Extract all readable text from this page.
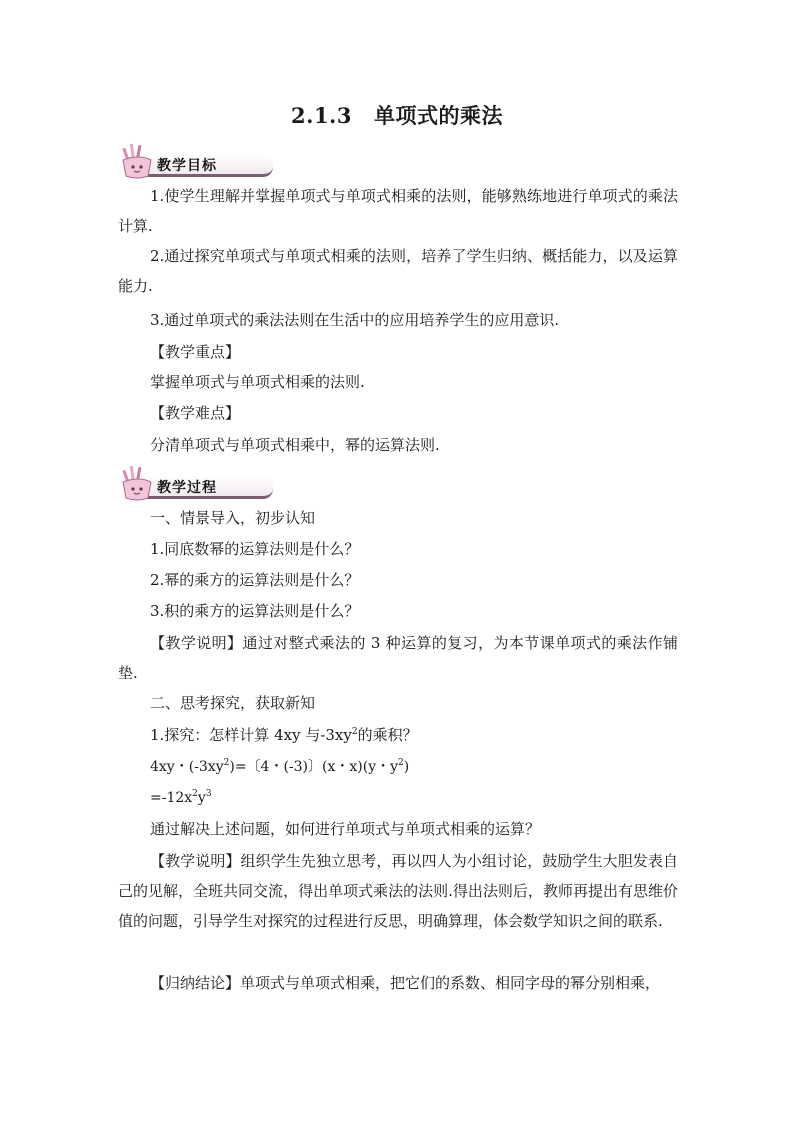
2.1.3 单项式的乘法
教学目标
1.使学生理解并掌握单项式与单项式相乘的法则，能够熟练地进行单项式的乘法计算.
2.通过探究单项式与单项式相乘的法则，培养了学生归纳、概括能力，以及运算能力.
3.通过单项式的乘法法则在生活中的应用培养学生的应用意识.
【教学重点】
掌握单项式与单项式相乘的法则.
【教学难点】
分清单项式与单项式相乘中，幂的运算法则.
教学过程
一、情景导入，初步认知
1.同底数幂的运算法则是什么？
2.幂的乘方的运算法则是什么？
3.积的乘方的运算法则是什么？
【教学说明】通过对整式乘法的 3 种运算的复习，为本节课单项式的乘法作铺垫.
二、思考探究，获取新知
1.探究：怎样计算 4xy 与$-3xy^2$的乘积？
4xy・$(-3xy^2)=$〔4・(-3)〕(x・x)(y・$y^2$)
$=-12x^2y^3$
通过解决上述问题，如何进行单项式与单项式相乘的运算？
【教学说明】组织学生先独立思考，再以四人为小组讨论，鼓励学生大胆发表自己的见解，全班共同交流，得出单项式乘法的法则.得出法则后，教师再提出有思维价值的问题，引导学生对探究的过程进行反思，明确算理，体会数学知识之间的联系.
【归纳结论】单项式与单项式相乘，把它们的系数、相同字母的幂分别相乘，
